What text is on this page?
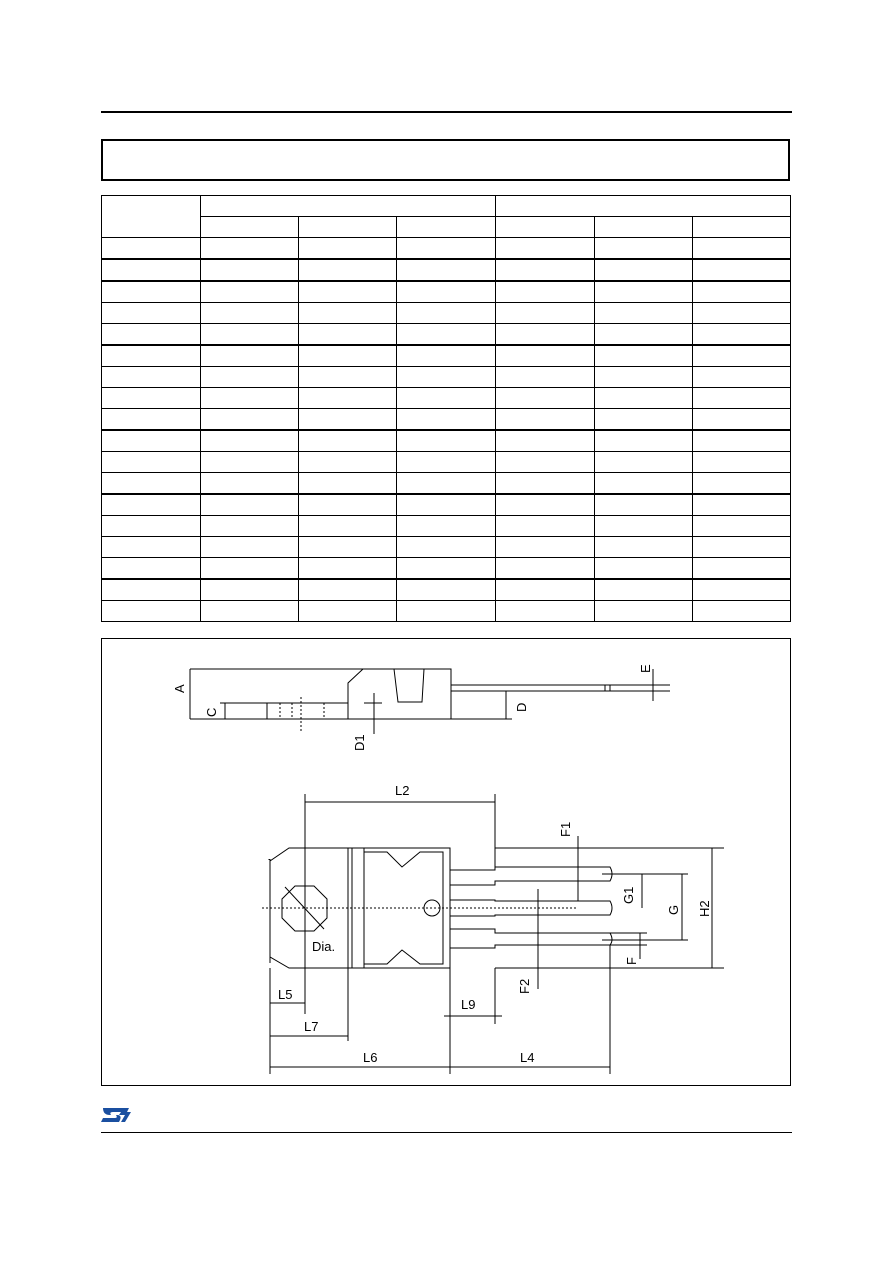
A
C
D
D1
E
L2
F1
G1
G H2
F2
F
Dia.
L5
L7
L9
L6	L4
